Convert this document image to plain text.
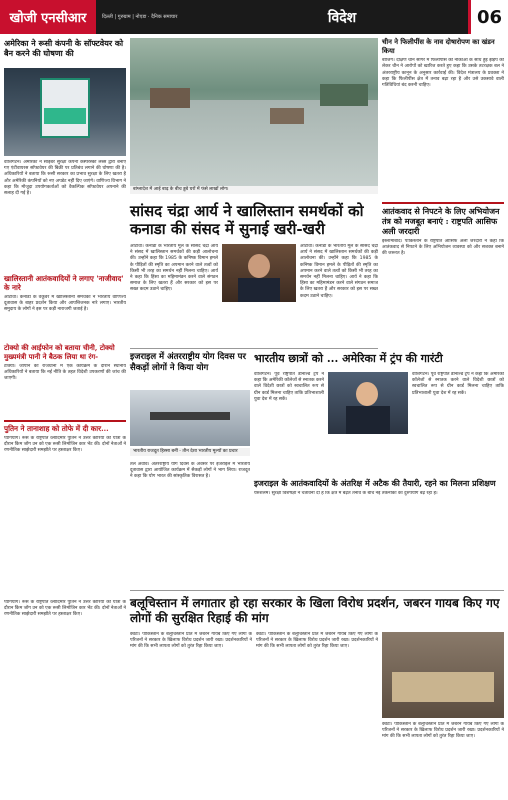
खोजी एनसीआर	दिल्ली | गुरुग्राम | नोएडा · दैनिक समाचार	विदेश	06
अमेरिका ने रूसी कंपनी के सॉफ्टवेयर को बैन करने की घोषणा की
वॉशिंगटन। अमेरिका ने साइबर सुरक्षा कंपनी कैस्परस्की लैब्स द्वारा बनाए गए एंटीवायरस सॉफ्टवेयर की बिक्री पर प्रतिबंध लगाने की घोषणा की है। अधिकारियों ने बताया कि रूसी सरकार का प्रभाव सुरक्षा के लिए खतरा है और अमेरिकी कंपनियों को नए अपडेट नहीं दिए जाएंगे। वाणिज्य विभाग ने कहा कि मौजूदा उपयोगकर्ताओं को वैकल्पिक सॉफ्टवेयर अपनाने की सलाह दी गई है।
खालिस्तानी आतंकवादियों ने लगाए 'नाजीवाद' के नारे
ओटावा। कनाडा के वैंकूवर में खालिस्तानी समर्थकों ने भारतीय वाणिज्य दूतावास के बाहर प्रदर्शन किया और आपत्तिजनक नारे लगाए। भारतीय समुदाय के लोगों ने इस पर कड़ी नाराजगी जताई है।
टोक्यो की आईफोन को बताया चीनी, टोक्यो मुख्यमंत्री पानी ने बैठक लिया था रंग-
टोक्यो। जापान की राजधानी में एक कार्यक्रम के दौरान स्थानीय अधिकारियों ने बताया कि नई नीति के तहत विदेशी उपकरणों की जांच की जाएगी।
बांग्लादेश में आई बाढ़ के बीच डूबे घरों में फंसे लाखों लोग।
चीन ने फिलीपींस के नाव दोषारोपण का खंडन किया
बीजिंग। दक्षिण चीन सागर में फिलीपींस की नौकाओं के साथ हुई झड़प को लेकर चीन ने आरोपों को खारिज करते हुए कहा कि उसके तटरक्षक बल ने अंतरराष्ट्रीय कानून के अनुसार कार्रवाई की। विदेश मंत्रालय के प्रवक्ता ने कहा कि फिलीपींस क्षेत्र में तनाव बढ़ा रहा है और उसे उकसावे वाली गतिविधियां बंद करनी चाहिए।
सांसद चंद्रा आर्य ने खालिस्तान समर्थकों को कनाडा की संसद में सुनाई खरी-खरी
ओटावा। कनाडा के भारतीय मूल के सांसद चंद्रा आर्य ने संसद में खालिस्तान समर्थकों की कड़ी आलोचना की। उन्होंने कहा कि 1985 के कनिष्क विमान हमले के पीड़ितों की स्मृति का अपमान करने वाले तत्वों को किसी भी तरह का समर्थन नहीं मिलना चाहिए। आर्य ने कहा कि हिंसा का महिमामंडन करने वाले संगठन समाज के लिए खतरा हैं और सरकार को इस पर सख्त कदम उठाने चाहिए।
ओटावा। कनाडा के भारतीय मूल के सांसद चंद्रा आर्य ने संसद में खालिस्तान समर्थकों की कड़ी आलोचना की। उन्होंने कहा कि 1985 के कनिष्क विमान हमले के पीड़ितों की स्मृति का अपमान करने वाले तत्वों को किसी भी तरह का समर्थन नहीं मिलना चाहिए। आर्य ने कहा कि हिंसा का महिमामंडन करने वाले संगठन समाज के लिए खतरा हैं और सरकार को इस पर सख्त कदम उठाने चाहिए।
आतंकवाद से निपटने के लिए अभियोजन तंत्र को मजबूत बनाएं : राष्ट्रपति आसिफ अली जरदारी
इस्लामाबाद। पाकिस्तान के राष्ट्रपति आसिफ अली जरदारी ने कहा कि आतंकवाद से निपटने के लिए अभियोजन व्यवस्था को और सशक्त बनाने की जरूरत है।
इजराइल में अंतरराष्ट्रीय योग दिवस पर सैकड़ों लोगों ने किया योग
भारतीय राजदूत हिस्सा बनीं - तीन देशा भारतीय मूल्यों का प्रचार
तेल अवीव। अंतरराष्ट्रीय योग दिवस के अवसर पर इजराइल में भारतीय दूतावास द्वारा आयोजित कार्यक्रम में सैकड़ों लोगों ने भाग लिया। राजदूत ने कहा कि योग भारत की सांस्कृतिक विरासत है।
भारतीय छात्रों को ... अमेरिका में ट्रंप की गारंटी
वाशिंगटन। पूर्व राष्ट्रपति डोनाल्ड ट्रंप ने कहा कि अमेरिकी कॉलेजों से स्नातक करने वाले विदेशी छात्रों को स्वचालित रूप से ग्रीन कार्ड मिलना चाहिए ताकि प्रतिभाशाली युवा देश में रह सकें।
वाशिंगटन। पूर्व राष्ट्रपति डोनाल्ड ट्रंप ने कहा कि अमेरिकी कॉलेजों से स्नातक करने वाले विदेशी छात्रों को स्वचालित रूप से ग्रीन कार्ड मिलना चाहिए ताकि प्रतिभाशाली युवा देश में रह सकें।
पुतिन ने तानाशाह को तोफे में दी कार...
प्योंगयांग। रूस के राष्ट्रपति व्लादिमीर पुतिन ने उत्तर कोरिया की यात्रा के दौरान किम जोंग उन को एक रूसी लिमोजिन कार भेंट की। दोनों नेताओं ने रणनीतिक साझेदारी समझौते पर हस्ताक्षर किए।
इजराइल के आतंकवादियों के अंतरिक्ष में अटैक की तैयारी, रहने का मिलना प्रशिक्षण
यरुशलम। सुरक्षा विशेषज्ञों ने चेतावनी दी है कि क्षेत्र में बढ़ते तनाव के बीच नई तकनीकों का दुरुपयोग बढ़ रहा है।
बलूचिस्तान में लगातार हो रहा सरकार के खिला विरोध प्रदर्शन, जबरन गायब किए गए लोगों की सुरक्षित रिहाई की मांग
क्वेटा। पाकिस्तान के बलूचिस्तान प्रांत में जबरन गायब किए गए लोगों के परिजनों ने सरकार के खिलाफ विरोध प्रदर्शन जारी रखा। प्रदर्शनकारियों ने मांग की कि सभी लापता लोगों को तुरंत रिहा किया जाए।
क्वेटा। पाकिस्तान के बलूचिस्तान प्रांत में जबरन गायब किए गए लोगों के परिजनों ने सरकार के खिलाफ विरोध प्रदर्शन जारी रखा। प्रदर्शनकारियों ने मांग की कि सभी लापता लोगों को तुरंत रिहा किया जाए।
क्वेटा। पाकिस्तान के बलूचिस्तान प्रांत में जबरन गायब किए गए लोगों के परिजनों ने सरकार के खिलाफ विरोध प्रदर्शन जारी रखा। प्रदर्शनकारियों ने मांग की कि सभी लापता लोगों को तुरंत रिहा किया जाए।
प्योंगयांग। रूस के राष्ट्रपति व्लादिमीर पुतिन ने उत्तर कोरिया की यात्रा के दौरान किम जोंग उन को एक रूसी लिमोजिन कार भेंट की। दोनों नेताओं ने रणनीतिक साझेदारी समझौते पर हस्ताक्षर किए।
